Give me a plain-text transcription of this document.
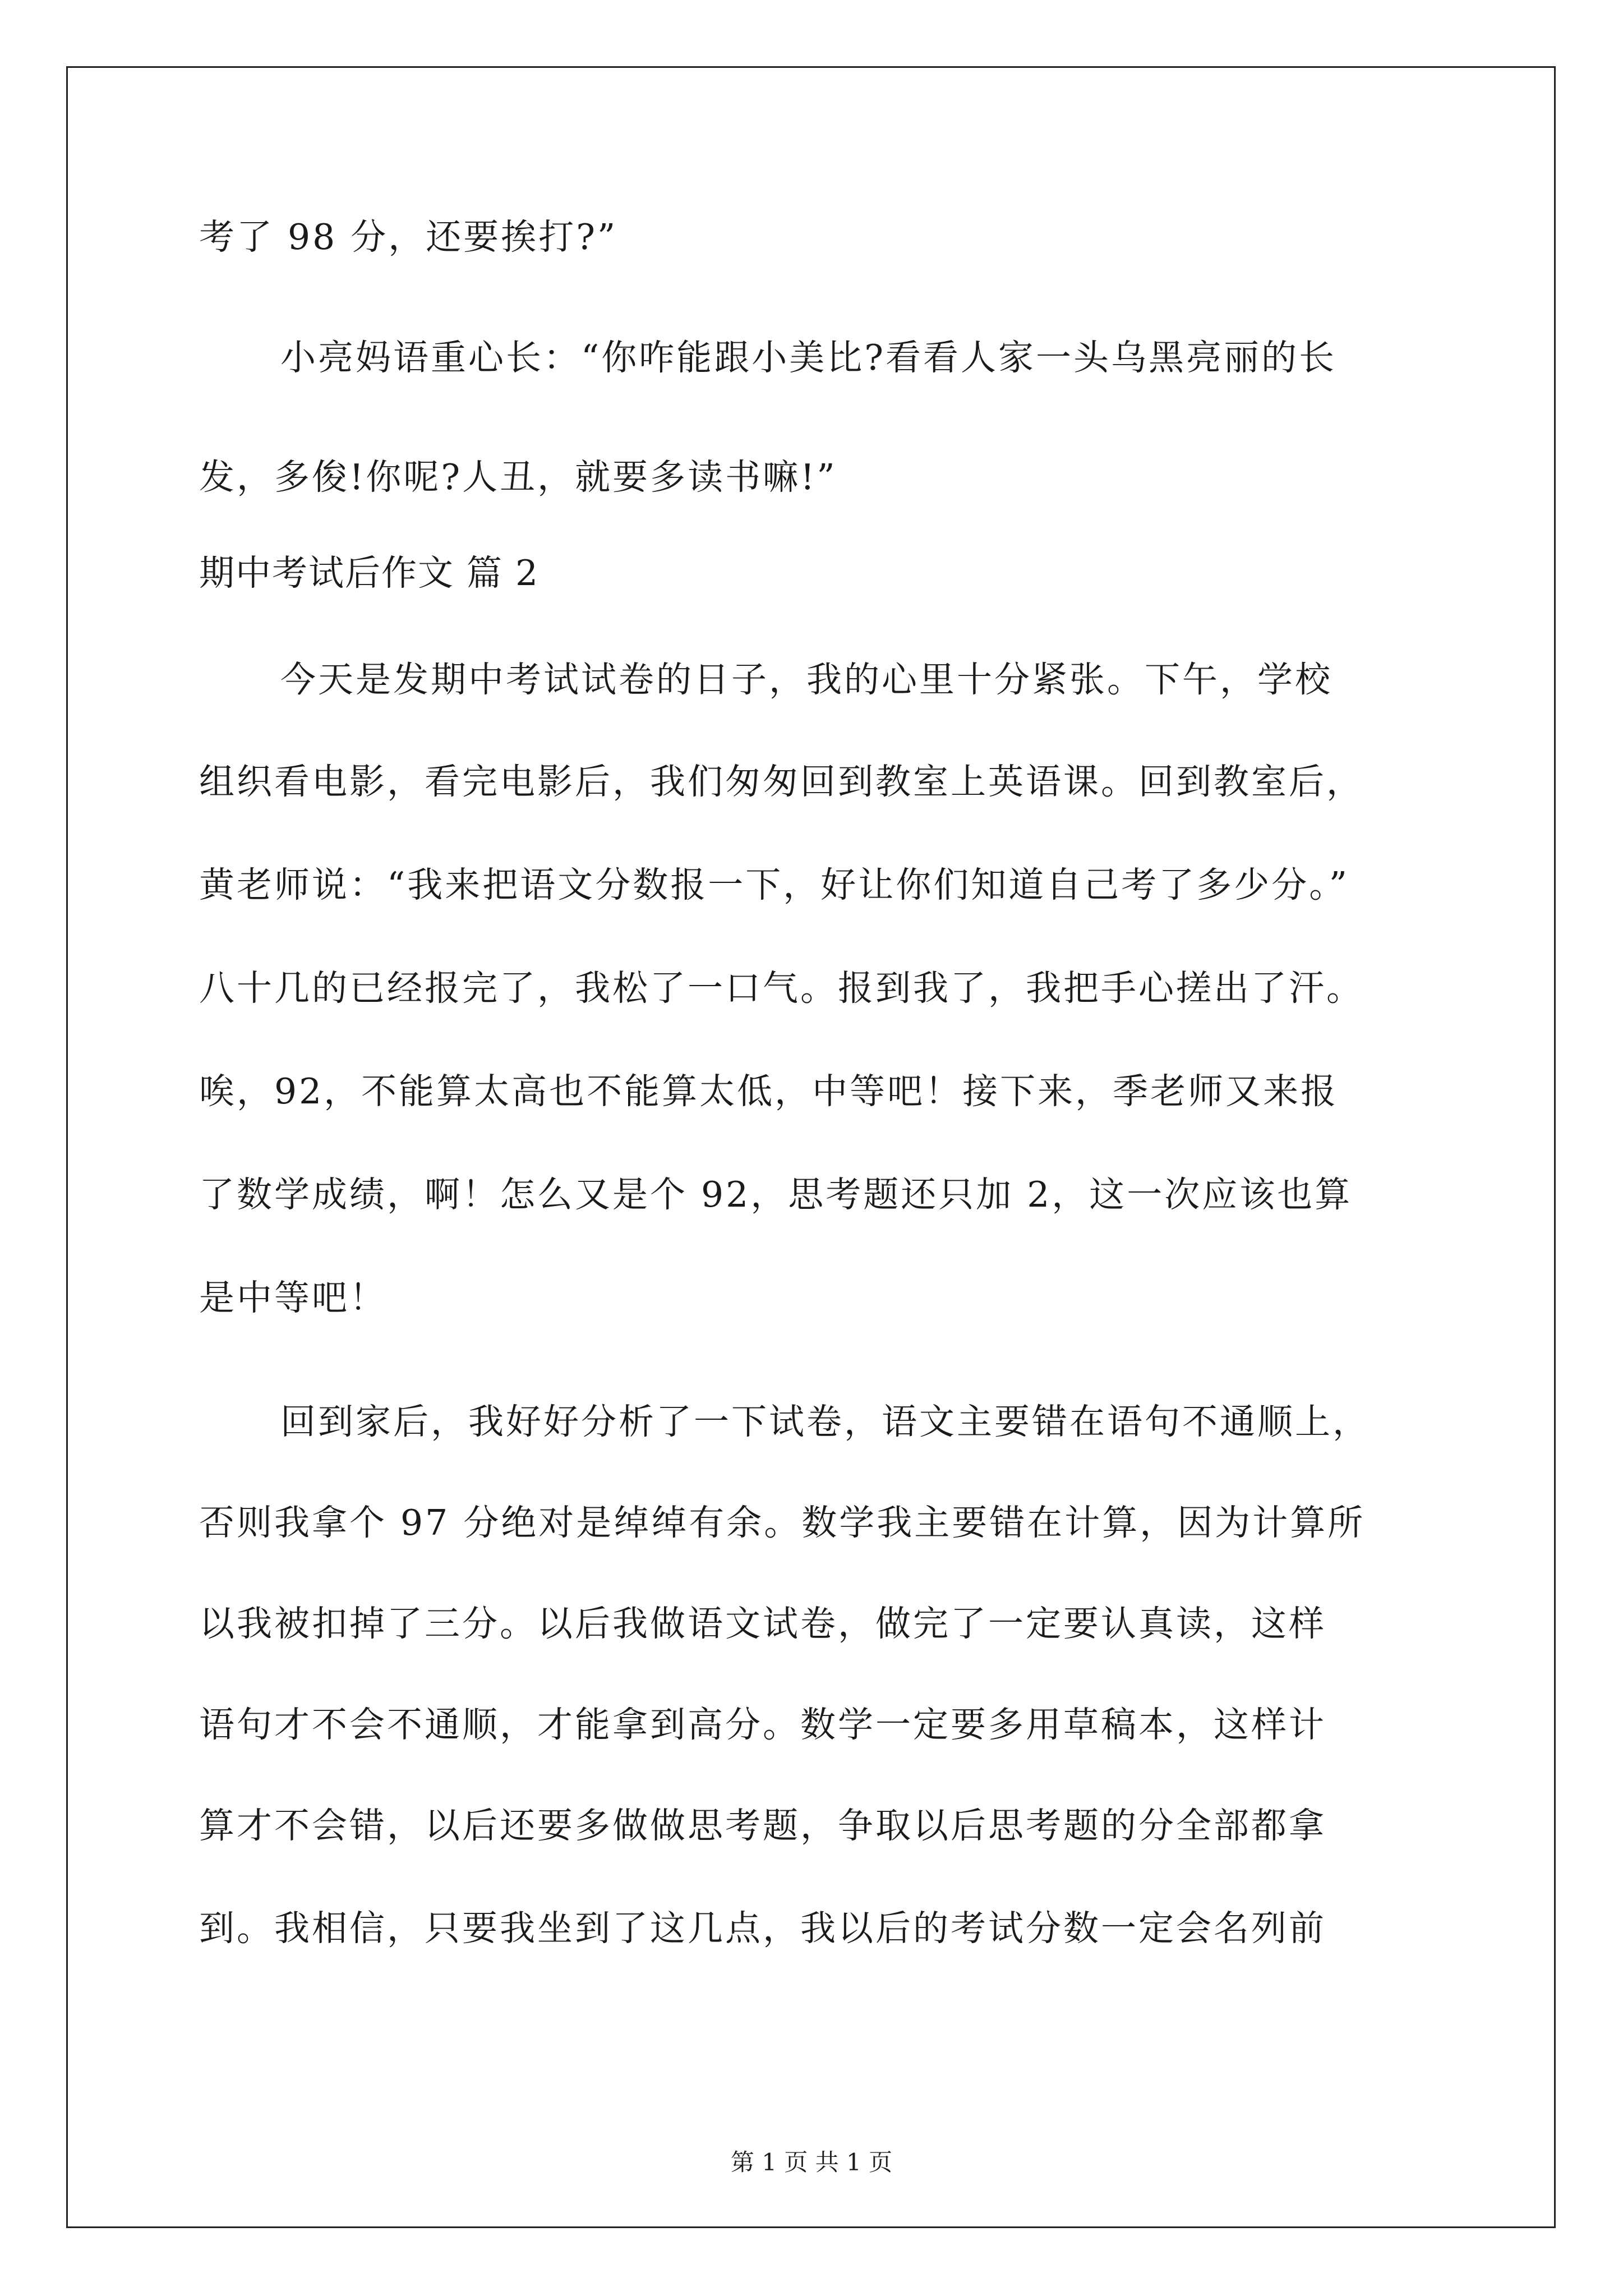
考了 98 分，还要挨打?”
小亮妈语重心长：“你咋能跟小美比?看看人家一头乌黑亮丽的长
发，多俊!你呢?人丑，就要多读书嘛!”
期中考试后作文 篇 2
今天是发期中考试试卷的日子，我的心里十分紧张。下午，学校
组织看电影，看完电影后，我们匆匆回到教室上英语课。回到教室后，
黄老师说：“我来把语文分数报一下，好让你们知道自己考了多少分。”
八十几的已经报完了，我松了一口气。报到我了，我把手心搓出了汗。
唉，92，不能算太高也不能算太低，中等吧！接下来，季老师又来报
了数学成绩，啊！怎么又是个 92，思考题还只加 2，这一次应该也算
是中等吧！
回到家后，我好好分析了一下试卷，语文主要错在语句不通顺上，
否则我拿个 97 分绝对是绰绰有余。数学我主要错在计算，因为计算所
以我被扣掉了三分。以后我做语文试卷，做完了一定要认真读，这样
语句才不会不通顺，才能拿到高分。数学一定要多用草稿本，这样计
算才不会错，以后还要多做做思考题，争取以后思考题的分全部都拿
到。我相信，只要我坐到了这几点，我以后的考试分数一定会名列前
第 1 页 共 1 页
